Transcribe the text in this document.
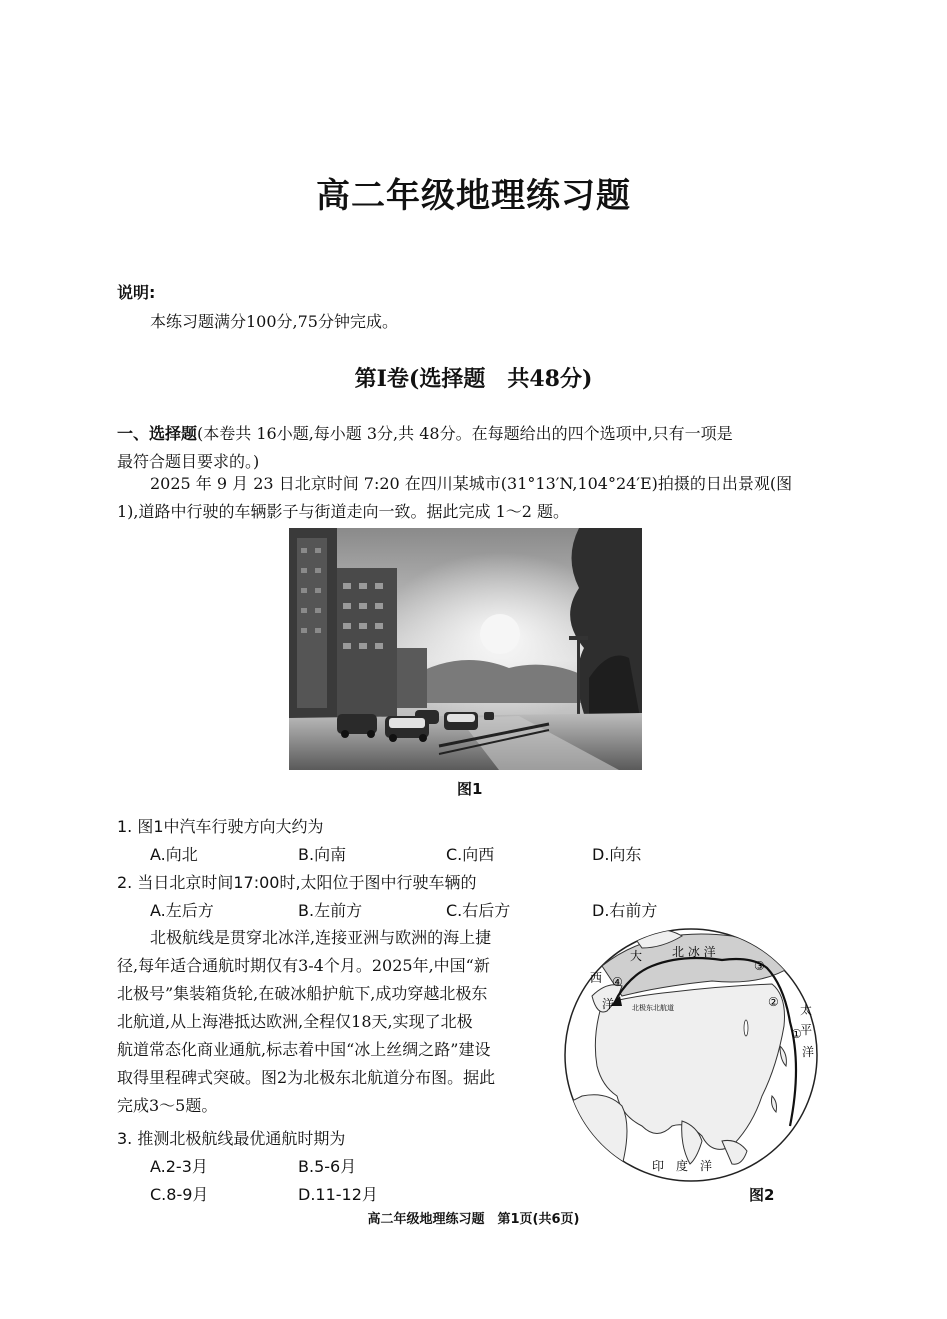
高二年级地理练习题
说明:
本练习题满分100分,75分钟完成。
第Ⅰ卷(选择题　共48分)
一、选择题(本卷共 16小题,每小题 3分,共 48分。在每题给出的四个选项中,只有一项是
最符合题目要求的。)
2025 年 9 月 23 日北京时间 7:20 在四川某城市(31°13′N,104°24′E)拍摄的日出景观(图
1),道路中行驶的车辆影子与街道走向一致。据此完成 1～2 题。
图1
1. 图1中汽车行驶方向大约为
A.向北	B.向南	C.向西	D.向东
2. 当日北京时间17:00时,太阳位于图中行驶车辆的
A.左后方	B.左前方	C.右后方	D.右前方
北极航线是贯穿北冰洋,连接亚洲与欧洲的海上捷
径,每年适合通航时期仅有3-4个月。2025年,中国“新
北极号”集装箱货轮,在破冰船护航下,成功穿越北极东
北航道,从上海港抵达欧洲,全程仅18天,实现了北极
航道常态化商业通航,标志着中国“冰上丝绸之路”建设
取得里程碑式突破。图2为北极东北航道分布图。据此
完成3～5题。
3. 推测北极航线最优通航时期为
A.2-3月	B.5-6月
C.8-9月	D.11-12月
④
③
②
①
北 冰 洋
大
西
洋	太
平
洋
印　度　洋
北极东北航道
图2
高二年级地理练习题　第1页(共6页)
